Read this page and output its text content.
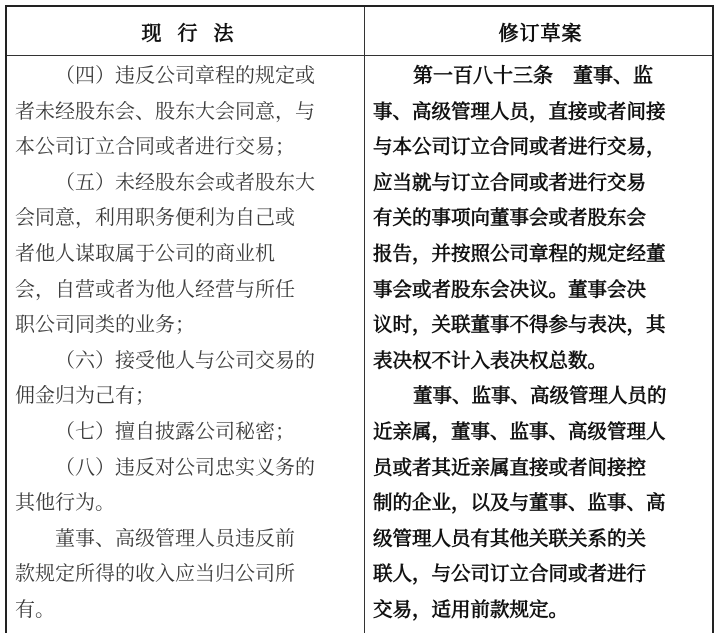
现行法
（四）违反公司章程的规定或
者未经股东会、股东大会同意，与
本公司订立合同或者进行交易；
（五）未经股东会或者股东大
会同意，利用职务便利为自己或
者他人谋取属于公司的商业机
会，自营或者为他人经营与所任
职公司同类的业务；
（六）接受他人与公司交易的
佣金归为己有；
（七）擅自披露公司秘密；
（八）违反对公司忠实义务的
其他行为。
董事、高级管理人员违反前
款规定所得的收入应当归公司所
有。
修订草案
第一百八十三条　董事、监
事、高级管理人员，直接或者间接
与本公司订立合同或者进行交易，
应当就与订立合同或者进行交易
有关的事项向董事会或者股东会
报告，并按照公司章程的规定经董
事会或者股东会决议。董事会决
议时，关联董事不得参与表决，其
表决权不计入表决权总数。
董事、监事、高级管理人员的
近亲属，董事、监事、高级管理人
员或者其近亲属直接或者间接控
制的企业，以及与董事、监事、高
级管理人员有其他关联关系的关
联人，与公司订立合同或者进行
交易，适用前款规定。
